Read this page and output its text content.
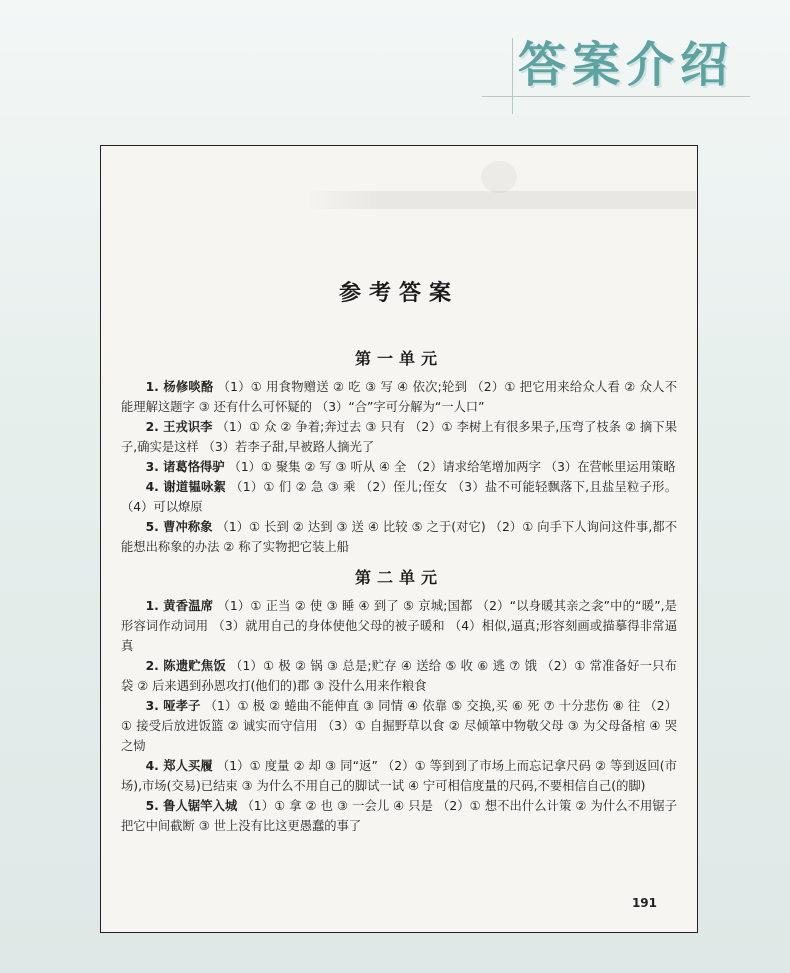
答案介绍
参考答案
第一单元

1. 杨修啖酪 （1）① 用食物赠送 ② 吃 ③ 写 ④ 依次;轮到 （2）① 把它用来给众人看 ② 众人不能理解这题字 ③ 还有什么可怀疑的 （3）“合”字可分解为“一人口”

2. 王戎识李 （1）① 众 ② 争着;奔过去 ③ 只有 （2）① 李树上有很多果子,压弯了枝条 ② 摘下果子,确实是这样 （3）若李子甜,早被路人摘光了

3. 诸葛恪得驴 （1）① 聚集 ② 写 ③ 听从 ④ 全 （2）请求给笔增加两字 （3）在营帐里运用策略

4. 谢道韫咏絮 （1）① 们 ② 急 ③ 乘 （2）侄儿;侄女 （3）盐不可能轻飘落下,且盐呈粒子形。 （4）可以燎原

5. 曹冲称象 （1）① 长到 ② 达到 ③ 送 ④ 比较 ⑤ 之于(对它) （2）① 向手下人询问这件事,都不能想出称象的办法 ② 称了实物把它装上船

第二单元

1. 黄香温席 （1）① 正当 ② 使 ③ 睡 ④ 到了 ⑤ 京城;国都 （2）“以身暖其亲之衾”中的“暖”,是形容词作动词用 （3）就用自己的身体使他父母的被子暖和 （4）相似,逼真;形容刻画或描摹得非常逼真

2. 陈遗贮焦饭 （1）① 极 ② 锅 ③ 总是;贮存 ④ 送给 ⑤ 收 ⑥ 逃 ⑦ 饿 （2）① 常准备好一只布袋 ② 后来遇到孙恩攻打(他们的)郡 ③ 没什么用来作粮食

3. 哑孝子 （1）① 极 ② 蜷曲不能伸直 ③ 同情 ④ 依靠 ⑤ 交换,买 ⑥ 死 ⑦ 十分悲伤 ⑧ 往 （2）① 接受后放进饭篮 ② 诚实而守信用 （3）① 自掘野草以食 ② 尽倾箪中物敬父母 ③ 为父母备棺 ④ 哭之恸

4. 郑人买履 （1）① 度量 ② 却 ③ 同“返” （2）① 等到到了市场上而忘记拿尺码 ② 等到返回(市场),市场(交易)已结束 ③ 为什么不用自己的脚试一试 ④ 宁可相信度量的尺码,不要相信自己(的脚)

5. 鲁人锯竿入城 （1）① 拿 ② 也 ③ 一会儿 ④ 只是 （2）① 想不出什么计策 ② 为什么不用锯子把它中间截断 ③ 世上没有比这更愚蠢的事了

191
